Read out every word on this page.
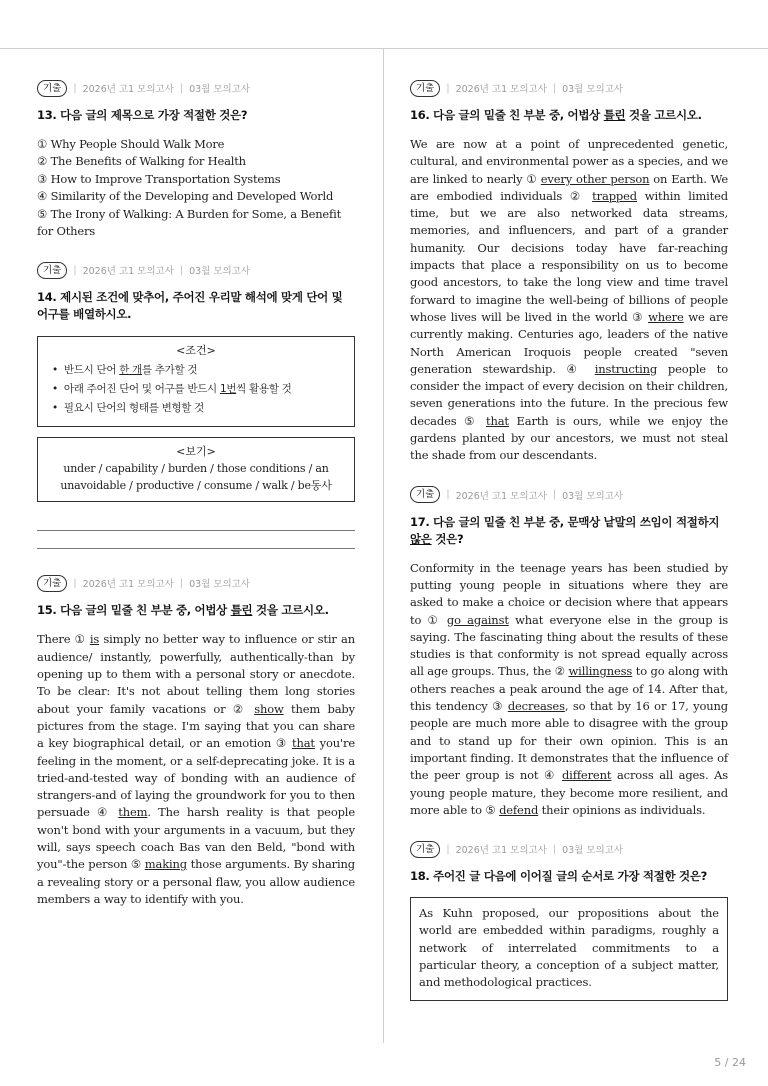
기출	| 2026년 고1 모의고사 | 03월 모의고사
13. 다음 글의 제목으로 가장 적절한 것은?
① Why People Should Walk More
② The Benefits of Walking for Health
③ How to Improve Transportation Systems
④ Similarity of the Developing and Developed World
⑤ The Irony of Walking: A Burden for Some, a Benefit for Others
기출	| 2026년 고1 모의고사 | 03월 모의고사
14. 제시된 조건에 맞추어, 주어진 우리말 해석에 맞게 단어 및 어구를 배열하시오.
<조건>
• 반드시 단어 한 개를 추가할 것
• 아래 주어진 단어 및 어구를 반드시 1번씩 활용할 것
• 필요시 단어의 형태를 변형할 것
<보기>
under / capability / burden / those conditions / an unavoidable / productive / consume / walk / be동사
기출	| 2026년 고1 모의고사 | 03월 모의고사
15. 다음 글의 밑줄 친 부분 중, 어법상 틀린 것을 고르시오.
There ① is simply no better way to influence or stir an audience/ instantly, powerfully, authentically-than by opening up to them with a personal story or anecdote. To be clear: It's not about telling them long stories about your family vacations or ② show them baby pictures from the stage. I'm saying that you can share a key biographical detail, or an emotion ③ that you're feeling in the moment, or a self-deprecating joke. It is a tried-and-tested way of bonding with an audience of strangers-and of laying the groundwork for you to then persuade ④ them. The harsh reality is that people won't bond with your arguments in a vacuum, but they will, says speech coach Bas van den Beld, "bond with you"-the person ⑤ making those arguments. By sharing a revealing story or a personal flaw, you allow audience members a way to identify with you.
기출	| 2026년 고1 모의고사 | 03월 모의고사
16. 다음 글의 밑줄 친 부분 중, 어법상 틀린 것을 고르시오.
We are now at a point of unprecedented genetic, cultural, and environmental power as a species, and we are linked to nearly ① every other person on Earth. We are embodied individuals ② trapped within limited time, but we are also networked data streams, memories, and influencers, and part of a grander humanity. Our decisions today have far-reaching impacts that place a responsibility on us to become good ancestors, to take the long view and time travel forward to imagine the well-being of billions of people whose lives will be lived in the world ③ where we are currently making. Centuries ago, leaders of the native North American Iroquois people created "seven generation stewardship. ④ instructing people to consider the impact of every decision on their children, seven generations into the future. In the precious few decades ⑤ that Earth is ours, while we enjoy the gardens planted by our ancestors, we must not steal the shade from our descendants.
기출	| 2026년 고1 모의고사 | 03월 모의고사
17. 다음 글의 밑줄 친 부분 중, 문맥상 낱말의 쓰임이 적절하지 않은 것은?
Conformity in the teenage years has been studied by putting young people in situations where they are asked to make a choice or decision where that appears to ① go against what everyone else in the group is saying. The fascinating thing about the results of these studies is that conformity is not spread equally across all age groups. Thus, the ② willingness to go along with others reaches a peak around the age of 14. After that, this tendency ③ decreases, so that by 16 or 17, young people are much more able to disagree with the group and to stand up for their own opinion. This is an important finding. It demonstrates that the influence of the peer group is not ④ different across all ages. As young people mature, they become more resilient, and more able to ⑤ defend their opinions as individuals.
기출	| 2026년 고1 모의고사 | 03월 모의고사
18. 주어진 글 다음에 이어질 글의 순서로 가장 적절한 것은?
As Kuhn proposed, our propositions about the world are embedded within paradigms, roughly a network of interrelated commitments to a particular theory, a conception of a subject matter, and methodological practices.
5 / 24
